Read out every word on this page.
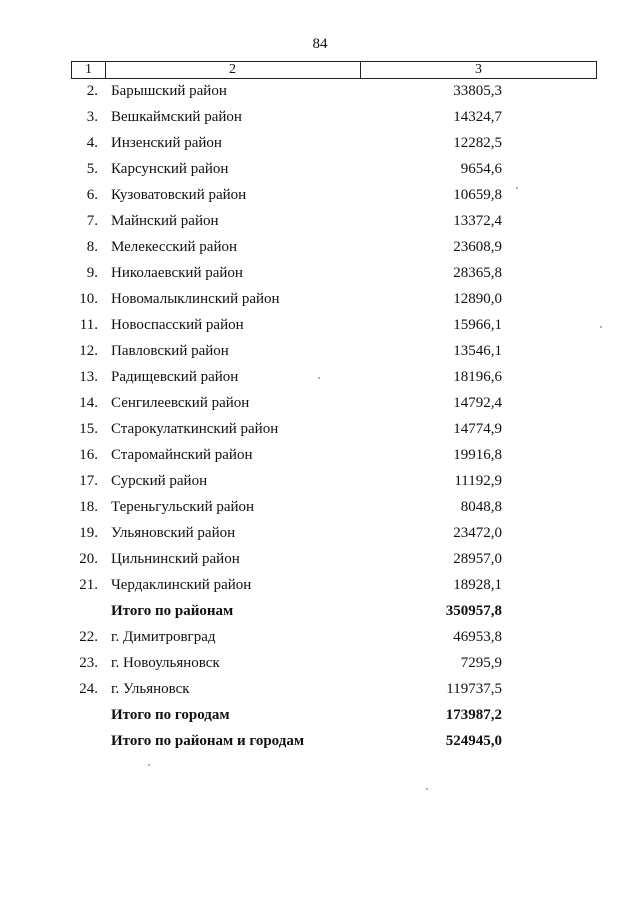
84
1	2	3
2. Барышский район	33805,3
3. Вешкаймский район	14324,7
4. Инзенский район	12282,5
5. Карсунский район	9654,6
6. Кузоватовский район	10659,8
7. Майнский район	13372,4
8. Мелекесский район	23608,9
9. Николаевский район	28365,8
10. Новомалыклинский район	12890,0
11. Новоспасский район	15966,1
12. Павловский район	13546,1
13. Радищевский район	18196,6
14. Сенгилеевский район	14792,4
15. Старокулаткинский район	14774,9
16. Старомайнский район	19916,8
17. Сурский район	11192,9
18. Тереньгульский район	8048,8
19. Ульяновский район	23472,0
20. Цильнинский район	28957,0
21. Чердаклинский район	18928,1
Итого по районам	350957,8
22. г. Димитровград	46953,8
23. г. Новоульяновск	7295,9
24. г. Ульяновск	119737,5
Итого по городам	173987,2
Итого по районам и городам	524945,0
